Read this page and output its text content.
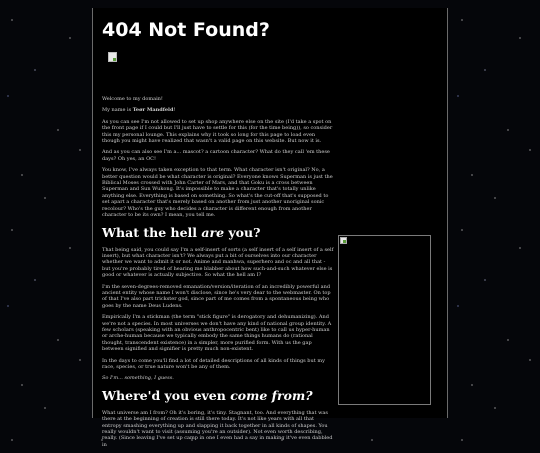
404 Not Found?

Welcome to my domain!

My name is Teør Mandfeld!

As you can see I'm not allowed to set up shop anywhere else on the site (I'd take a spot on the front page if I could but I'll just have to settle for this (for the time being)), so consider this my personal lounge. This explains why it took so long for this page to load even though you might have realized that wasn't a valid page on this website. But now it is.

And as you can also see I'm a... mascot? a cartoon character? What do they call 'em these days? Oh yes, an OC!

You know, I've always taken exception to that term. What character isn't original? No, a better question would be what character is original? Everyone knows Superman is just the Biblical Moses crossed with John Carter of Mars, and that Goku is a cross between Superman and Sun Wukong. It's impossible to make a character that's totally unlike anything else. Everything is based on something. So what's the cut-off that's supposed to set apart a character that's merely based on another from just another unoriginal sonic recolour? Who's the guy who decides a character is different enough from another character to be its own? I mean, you tell me.

What the hell are you?

That being said, you could say I'm a self-insert of sorts (a self insert of a self insert of a self insert), but what character isn't? We always put a bit of ourselves into our character whether we want to admit it or not. Anime and manhwa, superhero and oc and all that - but you're probably tired of hearing me blabber about how such-and-such whatever else is good or whatever is actually subjective. So what the hell am I?

I'm the seven-degrees-removed emanation/version/iteration of an incredibly powerful and ancient entity whose name I won't disclose, since he's very dear to the webmaster. On top of that I've also part trickster god, since part of me comes from a spontaneous being who goes by the name Deus Ludens.

Empirically I'm a stickman (the term "stick figure" is derogatory and dehumanizing). And we're not a species. In most universes we don't have any kind of national group identity. A few scholars (speaking with an obvious anthropocentric bent) like to call us hyper-human or arche-human because we typically embody the same things humans do (rational thought, transcendent existence) in a simpler, more purified form. With us the gap between signified and signifier is pretty much non-existent.

In the days to come you'll find a lot of detailed descriptions of all kinds of things but my race, species, or true nature won't be any of them.

So I'm... something, I guess.

Where'd you even come from?

What universe am I from? Oh it's boring, it's tiny. Stagnant, too. And everything that was there at the beginning of creation is still there today. It's not like years with all that entropy smashing everything up and slapping it back together in all kinds of shapes. You really wouldn't want to visit (assuming you're an outsider). Not even worth describing, really. (Since leaving I've set up camp in one I even had a say in making it've even dabbled in
